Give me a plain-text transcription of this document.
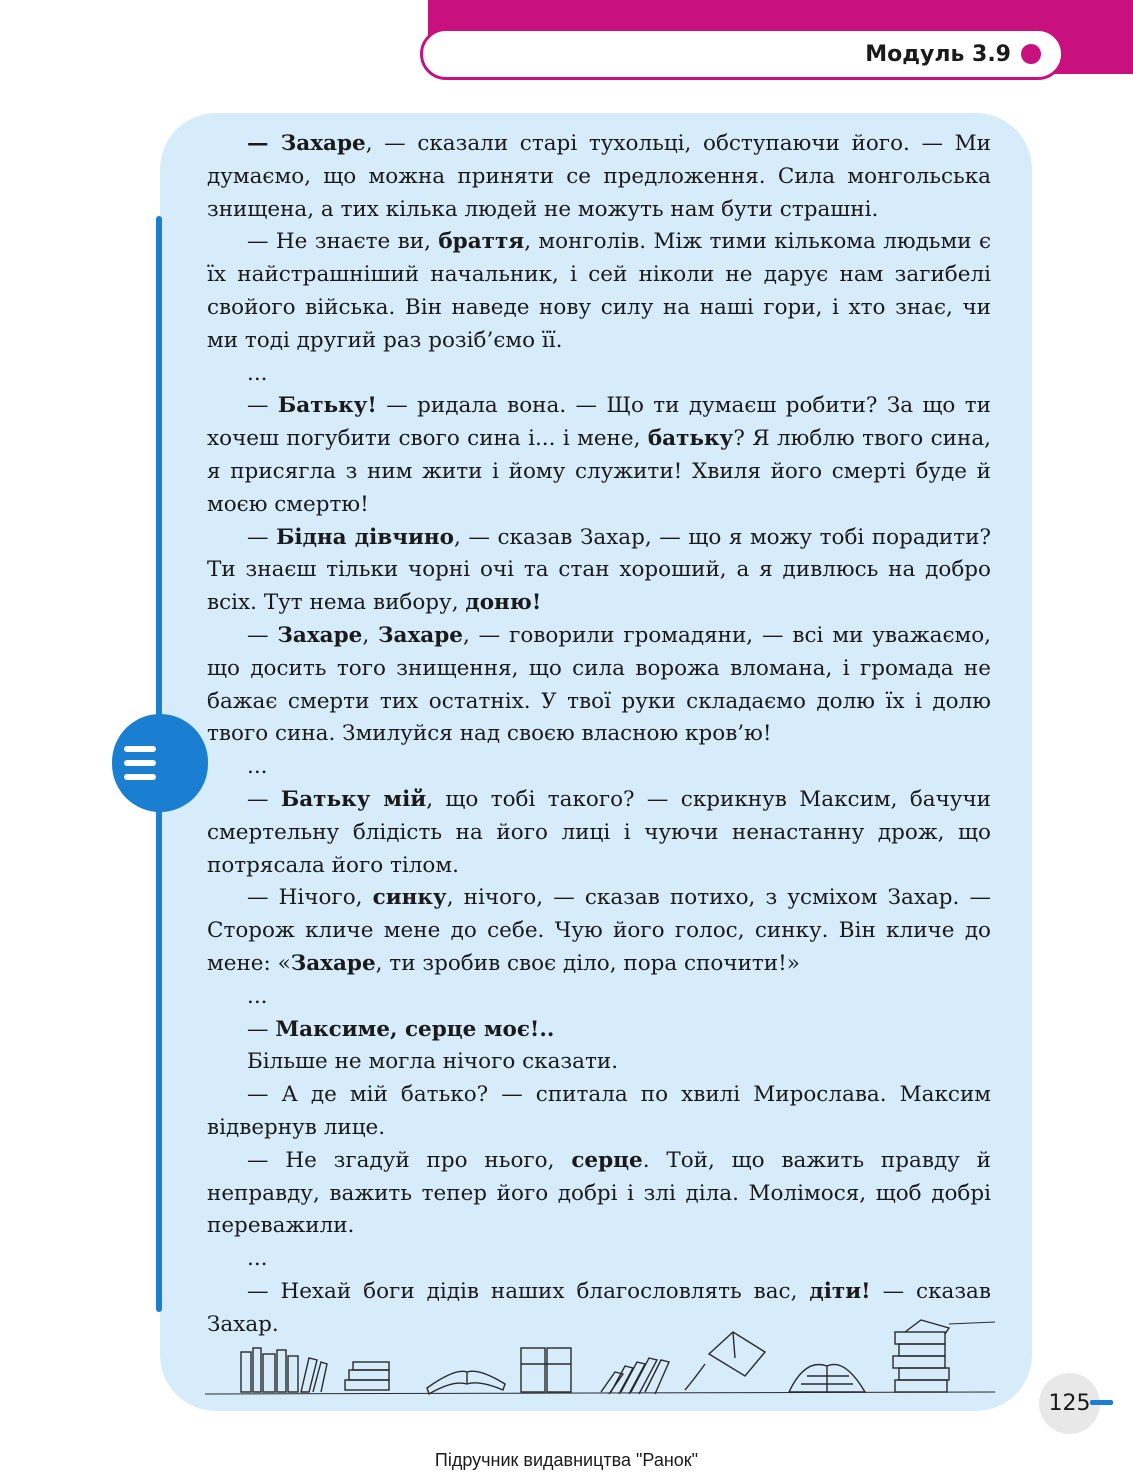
Модуль 3.9

— Захаре, — сказали старі тухольці, обступаючи його. — Ми думаємо, що можна приняти се предложення. Сила монгольська знищена, а тих кілька людей не можуть нам бути страшні.

— Не знаєте ви, браття, монголів. Між тими кількома людьми є їх найстрашніший начальник, і сей ніколи не дарує нам загибелі свойого війська. Він наведе нову силу на наші гори, і хто знає, чи ми тоді другий раз розіб’ємо її.

...

— Батьку! — ридала вона. — Що ти думаєш робити? За що ти хочеш погубити свого сина і... і мене, батьку? Я люблю твого сина, я присягла з ним жити і йому служити! Хвиля його смерті буде й моєю смертю!

— Бідна дівчино, — сказав Захар, — що я можу тобі порадити? Ти знаєш тільки чорні очі та стан хороший, а я дивлюсь на добро всіх. Тут нема вибору, доню!

— Захаре, Захаре, — говорили громадяни, — всі ми уважаємо, що досить того знищення, що сила ворожа вломана, і громада не бажає смерти тих остатніх. У твої руки складаємо долю їх і долю твого сина. Змилуйся над своєю власною кров’ю!

...

— Батьку мій, що тобі такого? — скрикнув Максим, бачучи смертельну блідість на його лиці і чуючи ненастанну дрож, що потрясала його тілом.

— Нічого, синку, нічого, — сказав потихо, з усміхом Захар. — Сторож кличе мене до себе. Чую його голос, синку. Він кличе до мене: «Захаре, ти зробив своє діло, пора спочити!»

...

— Максиме, серце моє!..

Більше не могла нічого сказати.

— А де мій батько? — спитала по хвилі Мирослава. Максим відвернув лице.

— Не згадуй про нього, серце. Той, що важить правду й неправду, важить тепер його добрі і злі діла. Молімося, щоб добрі переважили.

...

— Нехай боги дідів наших благословлять вас, діти! — сказав Захар.

125
Підручник видавництва "Ранок"
